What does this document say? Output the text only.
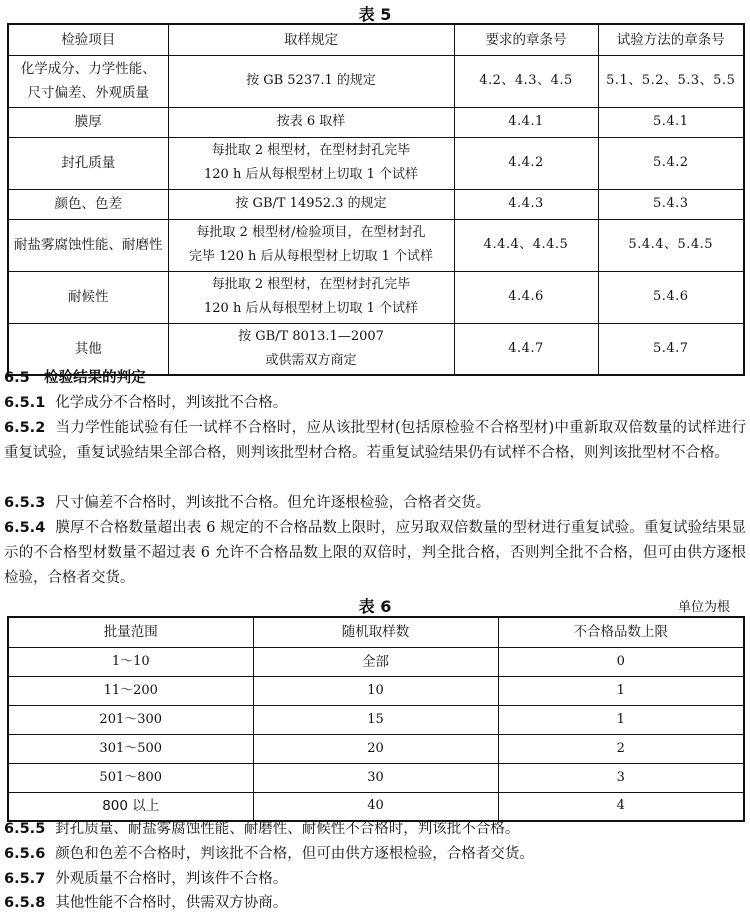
表 5
检验项目	取样规定	要求的章条号	试验方法的章条号

化学成分、力学性能、
尺寸偏差、外观质量	按 GB 5237.1 的规定	4.2、4.3、4.5	5.1、5.2、5.3、5.5

膜厚	按表 6 取样	4.4.1	5.4.1

封孔质量	每批取 2 根型材，在型材封孔完毕
120 h 后从每根型材上切取 1 个试样	4.4.2	5.4.2

颜色、色差	按 GB/T 14952.3 的规定	4.4.3	5.4.3

耐盐雾腐蚀性能、耐磨性	每批取 2 根型材/检验项目，在型材封孔
完毕 120 h 后从每根型材上切取 1 个试样	4.4.4、4.4.5	5.4.4、5.4.5

耐候性	每批取 2 根型材，在型材封孔完毕
120 h 后从每根型材上切取 1 个试样	4.4.6	5.4.6

其他	按 GB/T 8013.1—2007
或供需双方商定	4.4.7	5.4.7
6.5　检验结果的判定
6.5.1 化学成分不合格时，判该批不合格。
6.5.2 当力学性能试验有任一试样不合格时，应从该批型材(包括原检验不合格型材)中重新取双倍数量的试样进行重复试验，重复试验结果全部合格，则判该批型材合格。若重复试验结果仍有试样不合格，则判该批型材不合格。
6.5.3 尺寸偏差不合格时，判该批不合格。但允许逐根检验，合格者交货。
6.5.4 膜厚不合格数量超出表 6 规定的不合格品数上限时，应另取双倍数量的型材进行重复试验。重复试验结果显示的不合格型材数量不超过表 6 允许不合格品数上限的双倍时，判全批合格，否则判全批不合格，但可由供方逐根检验，合格者交货。
表 6	单位为根
批量范围	随机取样数	不合格品数上限
1～10	全部	0
11～200	10	1
201～300	15	1
301～500	20	2
501～800	30	3
800 以上	40	4
6.5.5 封孔质量、耐盐雾腐蚀性能、耐磨性、耐候性不合格时，判该批不合格。
6.5.6 颜色和色差不合格时，判该批不合格，但可由供方逐根检验，合格者交货。
6.5.7 外观质量不合格时，判该件不合格。
6.5.8 其他性能不合格时，供需双方协商。
